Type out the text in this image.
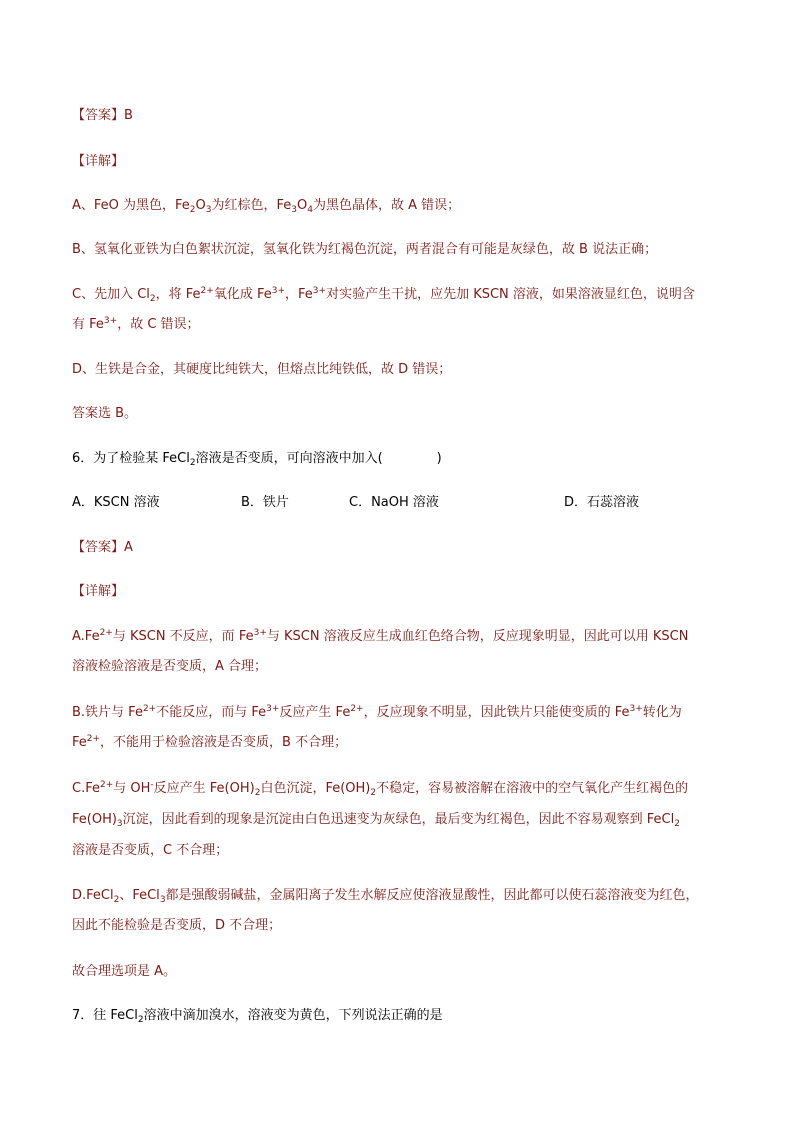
【答案】B
【详解】
A、FeO 为黑色，$Fe_2O_3$为红棕色，$Fe_3O_4$为黑色晶体，故 A 错误；
B、氢氧化亚铁为白色絮状沉淀，氢氧化铁为红褐色沉淀，两者混合有可能是灰绿色，故 B 说法正确；
C、先加入 $Cl_2$，将 $Fe^{2+}$氧化成 $Fe^{3+}$，$Fe^{3+}$对实验产生干扰，应先加 KSCN 溶液，如果溶液显红色，说明含
有 $Fe^{3+}$，故 C 错误；
D、生铁是合金，其硬度比纯铁大，但熔点比纯铁低，故 D 错误；
答案选 B。
6．为了检验某 FeCl$_2$溶液是否变质，可向溶液中加入(	)
A．KSCN 溶液	B．铁片	C．NaOH 溶液	D．石蕊溶液
【答案】A
【详解】
$A.Fe^{2+}$与 KSCN 不反应，而 $Fe^{3+}$与 KSCN 溶液反应生成血红色络合物，反应现象明显，因此可以用 KSCN
溶液检验溶液是否变质，A 合理；
B.铁片与 $Fe^{2+}$不能反应，而与 $Fe^{3+}$反应产生 $Fe^{2+}$，反应现象不明显，因此铁片只能使变质的 $Fe^{3+}$转化为
$Fe^{2+}$，不能用于检验溶液是否变质，B 不合理；
$C.Fe^{2+}$与 OH-反应产生 $Fe(OH)_2$白色沉淀，$Fe(OH)_2$不稳定，容易被溶解在溶液中的空气氧化产生红褐色的
$Fe(OH)_3$沉淀，因此看到的现象是沉淀由白色迅速变为灰绿色，最后变为红褐色，因此不容易观察到 FeCl$_2$
溶液是否变质，C 不合理；
D.FeCl$_2$、FeCl$_3$都是强酸弱碱盐，金属阳离子发生水解反应使溶液显酸性，因此都可以使石蕊溶液变为红色，
因此不能检验是否变质，D 不合理；
故合理选项是 A。
7．往 FeCl$_2$溶液中滴加溴水，溶液变为黄色，下列说法正确的是
